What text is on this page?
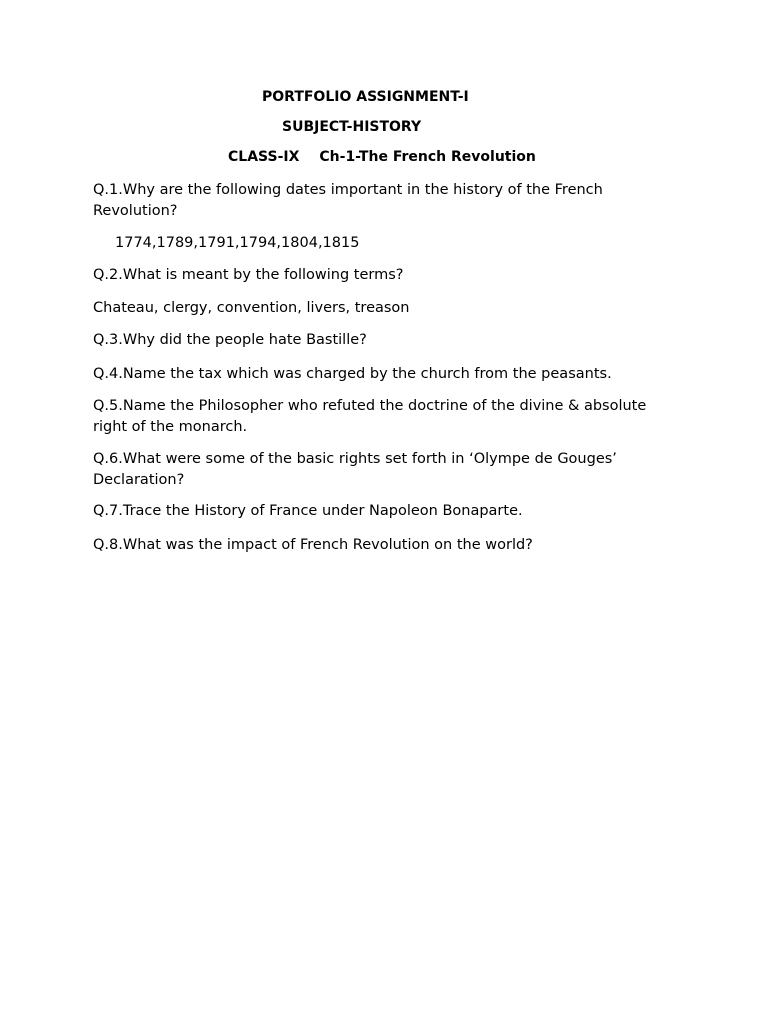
PORTFOLIO ASSIGNMENT-I
SUBJECT-HISTORY
CLASS-IX Ch-1-The French Revolution
Q.1.Why are the following dates important in the history of the French Revolution?
1774,1789,1791,1794,1804,1815
Q.2.What is meant by the following terms?
Chateau, clergy, convention, livers, treason
Q.3.Why did the people hate Bastille?
Q.4.Name the tax which was charged by the church from the peasants.
Q.5.Name the Philosopher who refuted the doctrine of the divine & absolute right of the monarch.
Q.6.What were some of the basic rights set forth in ‘Olympe de Gouges’ Declaration?
Q.7.Trace the History of France under Napoleon Bonaparte.
Q.8.What was the impact of French Revolution on the world?
